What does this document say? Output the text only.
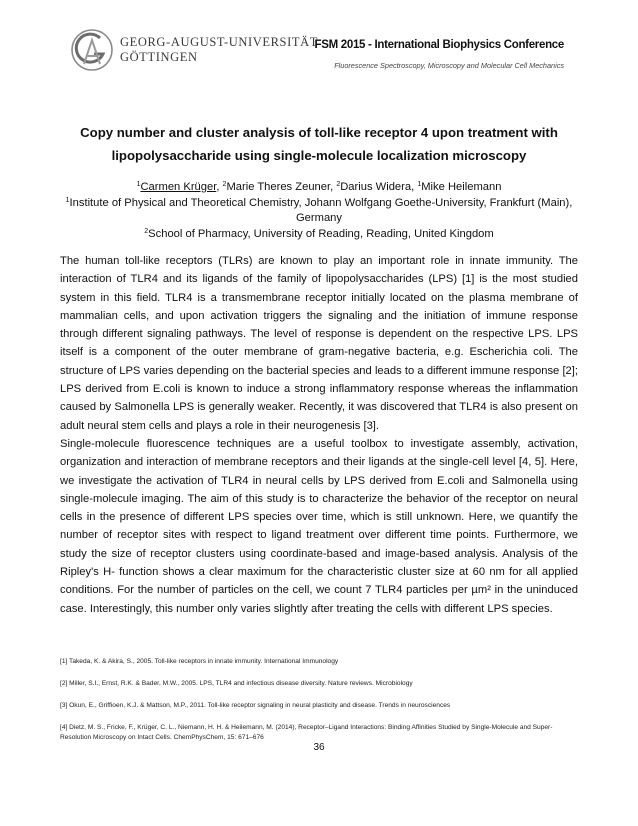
GEORG-AUGUST-UNIVERSITÄT
GÖTTINGEN
FSM 2015 - International Biophysics Conference
Fluorescence Spectroscopy, Microscopy and Molecular Cell Mechanics
Copy number and cluster analysis of toll-like receptor 4 upon treatment with lipopolysaccharide using single-molecule localization microscopy
$^1$Carmen Krüger, $^2$Marie Theres Zeuner, $^2$Darius Widera, $^1$Mike Heilemann
$^1$Institute of Physical and Theoretical Chemistry, Johann Wolfgang Goethe-University, Frankfurt (Main), Germany
$^2$School of Pharmacy, University of Reading, Reading, United Kingdom

The human toll-like receptors (TLRs) are known to play an important role in innate immunity. The interaction of TLR4 and its ligands of the family of lipopolysaccharides (LPS) [1] is the most studied system in this field. TLR4 is a transmembrane receptor initially located on the plasma membrane of mammalian cells, and upon activation triggers the signaling and the initiation of immune response through different signaling pathways. The level of response is dependent on the respective LPS. LPS itself is a component of the outer membrane of gram-negative bacteria, e.g. Escherichia coli. The structure of LPS varies depending on the bacterial species and leads to a different immune response [2]; LPS derived from E.coli is known to induce a strong inflammatory response whereas the inflammation caused by Salmonella LPS is generally weaker. Recently, it was discovered that TLR4 is also present on adult neural stem cells and plays a role in their neurogenesis [3].

Single-molecule fluorescence techniques are a useful toolbox to investigate assembly, activation, organization and interaction of membrane receptors and their ligands at the single-cell level [4, 5]. Here, we investigate the activation of TLR4 in neural cells by LPS derived from E.coli and Salmonella using single-molecule imaging. The aim of this study is to characterize the behavior of the receptor on neural cells in the presence of different LPS species over time, which is still unknown. Here, we quantify the number of receptor sites with respect to ligand treatment over different time points. Furthermore, we study the size of receptor clusters using coordinate-based and image-based analysis. Analysis of the Ripley's H- function shows a clear maximum for the characteristic cluster size at 60 nm for all applied conditions. For the number of particles on the cell, we count 7 TLR4 particles per µm² in the uninduced case. Interestingly, this number only varies slightly after treating the cells with different LPS species.

[1] Takeda, K. & Akira, S., 2005. Toll-like receptors in innate immunity. International Immunology
[2] Miller, S.I., Ernst, R.K. & Bader, M.W., 2005. LPS, TLR4 and infectious disease diversity. Nature reviews. Microbiology
[3] Okun, E., Griffioen, K.J. & Mattson, M.P., 2011. Toll-like receptor signaling in neural plasticity and disease. Trends in neurosciences
[4] Dietz, M. S., Fricke, F., Krüger, C. L., Niemann, H. H. & Heilemann, M. (2014), Receptor–Ligand Interactions: Binding Affinities Studied by Single-Molecule and Super-Resolution Microscopy on Intact Cells. ChemPhysChem, 15: 671–676
36
